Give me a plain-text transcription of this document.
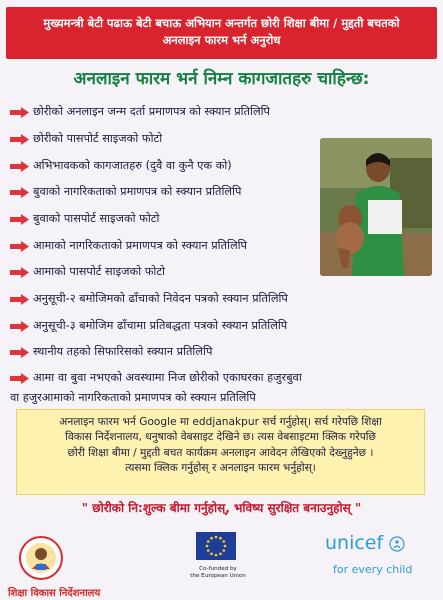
मुख्यमन्त्री बेटी पढाऊ बेटी बचाऊ अभियान अन्तर्गत छोरी शिक्षा बीमा / मुद्दती बचतको
अनलाइन फारम भर्न अनुरोध
अनलाइन फारम भर्न निम्न कागजातहरु चाहिन्छ:
छोरीको अनलाइन जन्म दर्ता प्रमाणपत्र को स्क्यान प्रतिलिपि
छोरीको पासपोर्ट साइजको फोटो
अभिभावकको कागजातहरु (दुवै वा कुनै एक को)
बुवाको नागरिकताको प्रमाणपत्र को स्क्यान प्रतिलिपि
बुवाको पासपोर्ट साइजको फोटो
आमाको नागरिकताको प्रमाणपत्र को स्क्यान प्रतिलिपि
आमाको पासपोर्ट साइजको फोटो
अनुसूची-२ बमोजिमको ढाँचाको निवेदन पत्रको स्क्यान प्रतिलिपि
अनुसूची-३ बमोजिम ढाँचामा प्रतिबद्धता पत्रको स्क्यान प्रतिलिपि
स्थानीय तहको सिफारिसको स्क्यान प्रतिलिपि
आमा वा बुवा नभएको अवस्थामा निज छोरीको एकाघरका हजुरबुवा
वा हजुरआमाको नागरिकताको प्रमाणपत्र को स्क्यान प्रतिलिपि
अनलाइन फारम भर्न Google मा eddjanakpur सर्च गर्नुहोस्। सर्च गरेपछि शिक्षा
विकास निर्देशनालय, धनुषाको वेबसाइट देखिने छ। त्यस वेबसाइटमा क्लिक गरेपछि
छोरी शिक्षा बीमा / मुद्दती बचत कार्यक्रम अनलाइन आवेदन लेखिएको देख्नुहुनेछ ।
त्यसमा क्लिक गर्नुहोस् र अनलाइन फारम भर्नुहोस्।
" छोरीको नि:शुल्क बीमा गर्नुहोस्, भविष्य सुरक्षित बनाउनुहोस् "
शिक्षा विकास निर्देशनालय
Co-funded by
the European Union
unicef
for every child
